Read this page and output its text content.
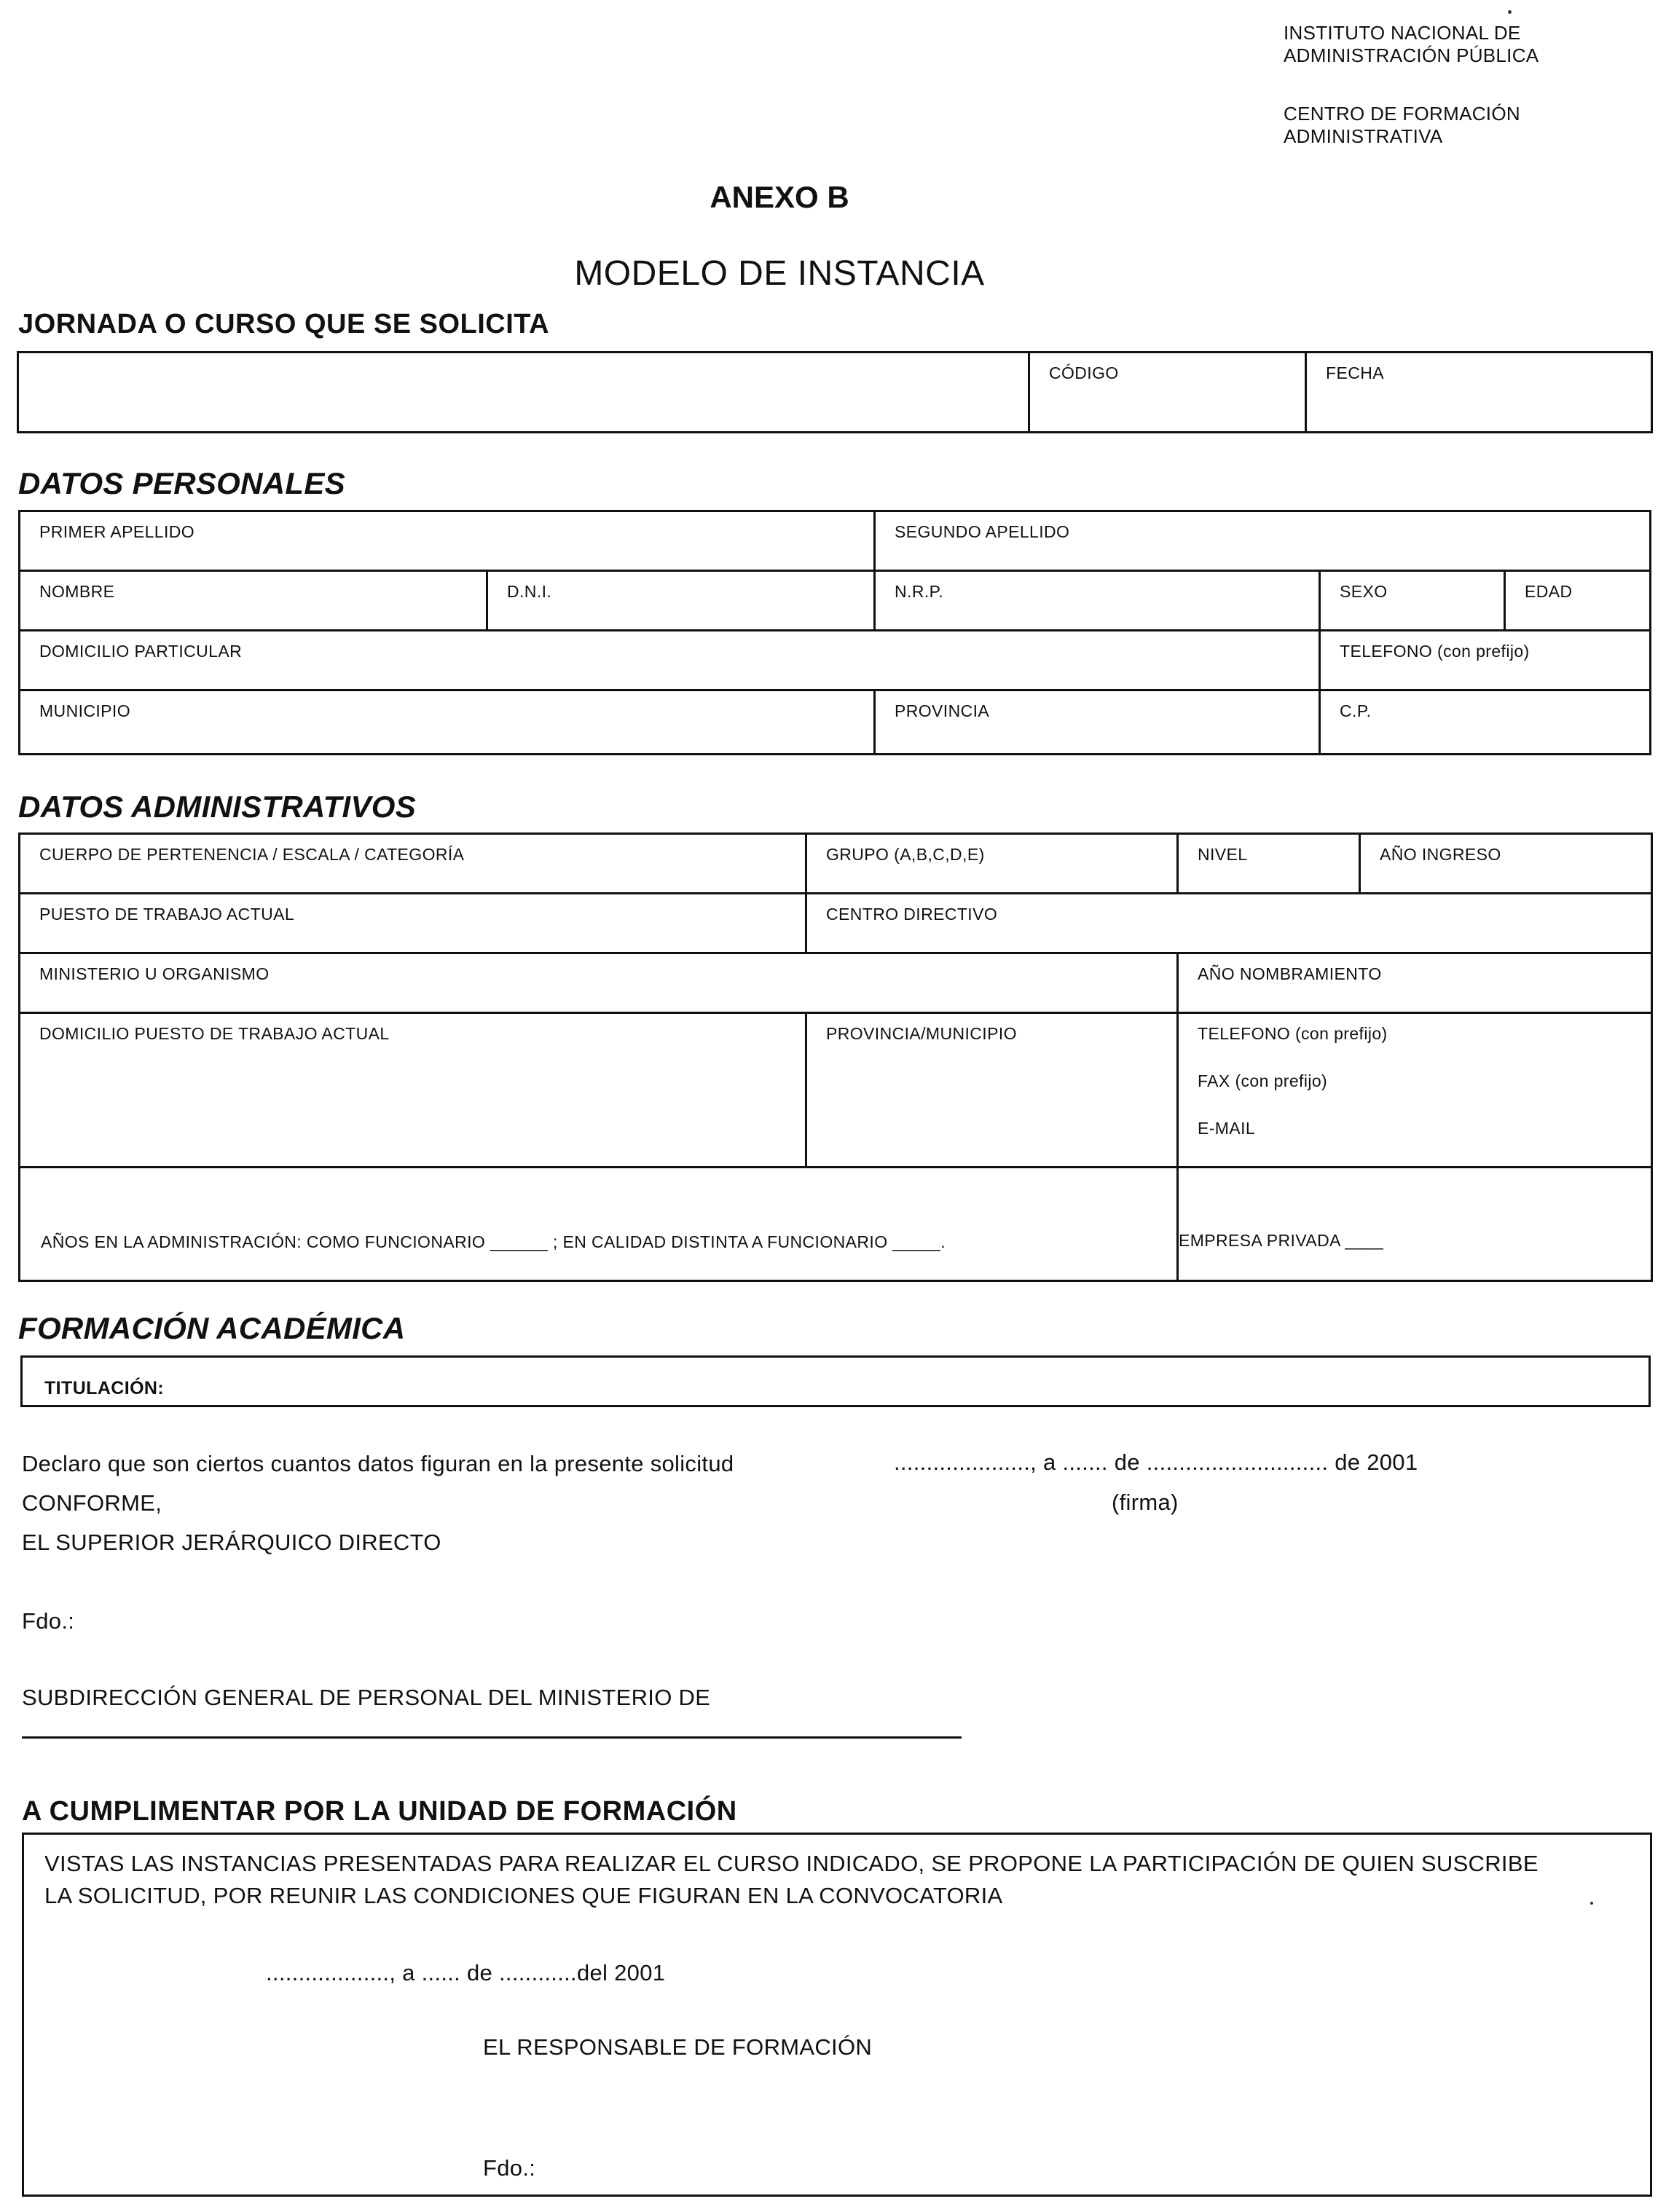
INSTITUTO NACIONAL DE
ADMINISTRACIÓN PÚBLICA
CENTRO DE FORMACIÓN
ADMINISTRATIVA
ANEXO B
MODELO DE INSTANCIA
JORNADA O CURSO QUE SE SOLICITA

CÓDIGO	FECHA
DATOS PERSONALES
PRIMER APELLIDO		SEGUNDO APELLIDO		

NOMBRE	D.N.I.	N.R.P.	SEXO	EDAD

DOMICILIO PARTICULAR			TELEFONO (con prefijo)	

MUNICIPIO		PROVINCIA	C.P.	
DATOS ADMINISTRATIVOS
CUERPO DE PERTENENCIA / ESCALA / CATEGORÍA	GRUPO (A,B,C,D,E)	NIVEL	AÑO INGRESO

PUESTO DE TRABAJO ACTUAL	CENTRO DIRECTIVO		

MINISTERIO U ORGANISMO		AÑO NOMBRAMIENTO	

DOMICILIO PUESTO DE TRABAJO ACTUAL	PROVINCIA/MUNICIPIO	TELEFONO (con prefijo)
FAX (con prefijo)
E-MAIL	

AÑOS EN LA ADMINISTRACIÓN: COMO FUNCIONARIO ______ ; EN CALIDAD DISTINTA A FUNCIONARIO _____.		EMPRESA PRIVADA ____	
FORMACIÓN ACADÉMICA
TITULACIÓN:
Declaro que son ciertos cuantos datos figuran en la presente solicitud	....................., a ....... de ............................ de 2001
CONFORME,	(firma)
EL SUPERIOR JERÁRQUICO DIRECTO
Fdo.:
SUBDIRECCIÓN GENERAL DE PERSONAL DEL MINISTERIO DE
A CUMPLIMENTAR POR LA UNIDAD DE FORMACIÓN
VISTAS LAS INSTANCIAS PRESENTADAS PARA REALIZAR EL CURSO INDICADO, SE PROPONE LA PARTICIPACIÓN DE QUIEN SUSCRIBE
LA SOLICITUD, POR REUNIR LAS CONDICIONES QUE FIGURAN EN LA CONVOCATORIA
..................., a ...... de ............del 2001
EL RESPONSABLE DE FORMACIÓN
Fdo.:
